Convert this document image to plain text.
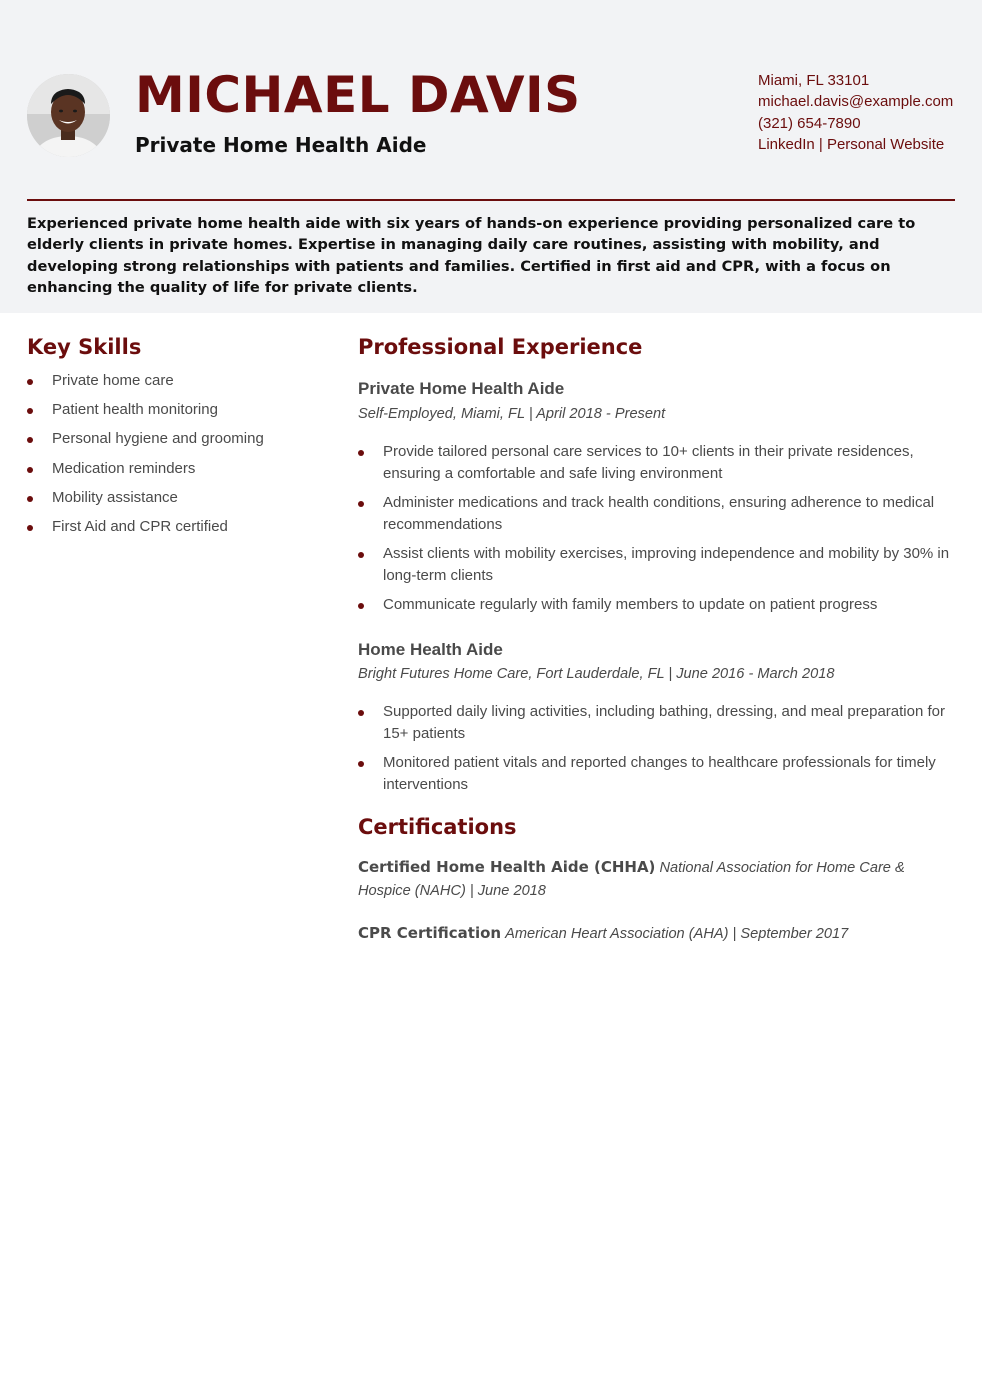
MICHAEL DAVIS
Private Home Health Aide
Miami, FL 33101
michael.davis@example.com
(321) 654-7890
LinkedIn | Personal Website

Experienced private home health aide with six years of hands-on experience providing personalized care to elderly clients in private homes. Expertise in managing daily care routines, assisting with mobility, and developing strong relationships with patients and families. Certified in first aid and CPR, with a focus on enhancing the quality of life for private clients.

Key Skills
Private home care
Patient health monitoring
Personal hygiene and grooming
Medication reminders
Mobility assistance
First Aid and CPR certified
Professional Experience
Private Home Health Aide
Self-Employed, Miami, FL | April 2018 - Present
Provide tailored personal care services to 10+ clients in their private residences, ensuring a comfortable and safe living environment
Administer medications and track health conditions, ensuring adherence to medical recommendations
Assist clients with mobility exercises, improving independence and mobility by 30% in long-term clients
Communicate regularly with family members to update on patient progress
Home Health Aide
Bright Futures Home Care, Fort Lauderdale, FL | June 2016 - March 2018
Supported daily living activities, including bathing, dressing, and meal preparation for 15+ patients
Monitored patient vitals and reported changes to healthcare professionals for timely interventions
Certifications
Certified Home Health Aide (CHHA) National Association for Home Care & Hospice (NAHC) | June 2018
CPR Certification American Heart Association (AHA) | September 2017
